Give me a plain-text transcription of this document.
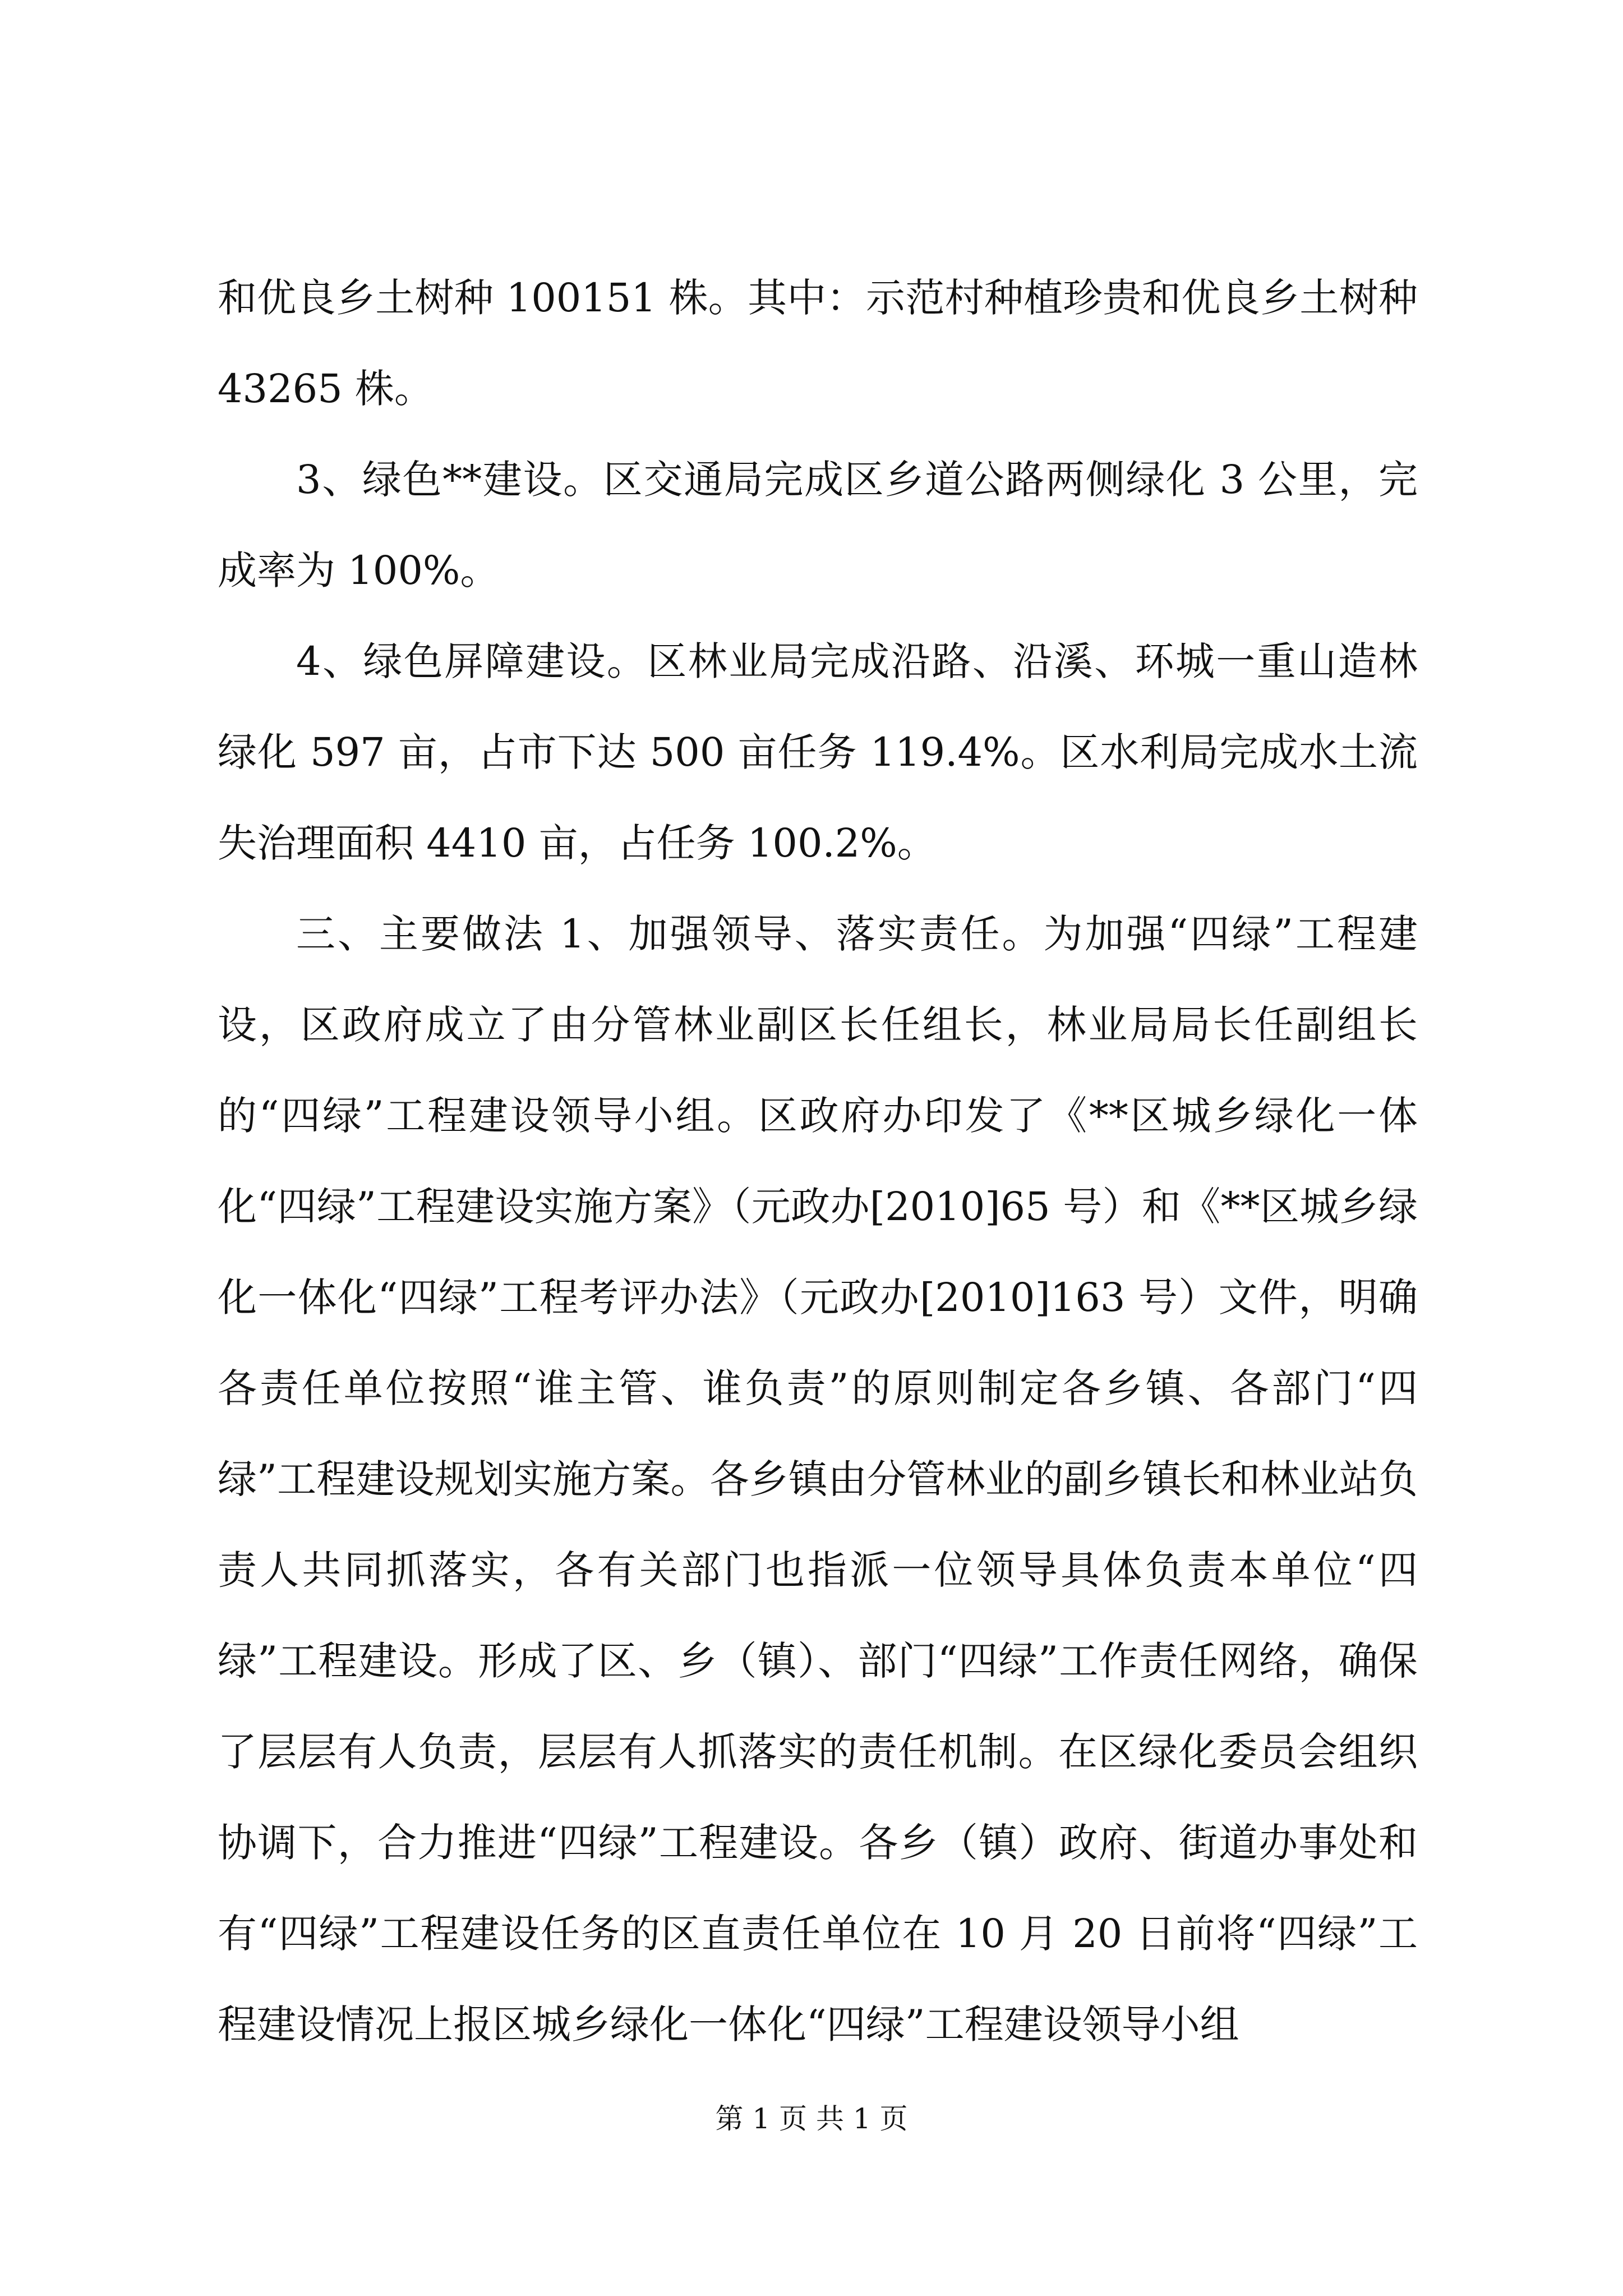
和优良乡土树种 100151 株。其中：示范村种植珍贵和优良乡土树种 43265 株。

3、绿色**建设。区交通局完成区乡道公路两侧绿化 3 公里，完成率为 100%。

4、绿色屏障建设。区林业局完成沿路、沿溪、环城一重山造林绿化 597 亩，占市下达 500 亩任务 119.4%。区水利局完成水土流失治理面积 4410 亩，占任务 100.2%。

三、主要做法 1、加强领导、落实责任。为加强“四绿”工程建设，区政府成立了由分管林业副区长任组长，林业局局长任副组长的“四绿”工程建设领导小组。区政府办印发了《**区城乡绿化一体化“四绿”工程建设实施方案》（元政办[2010]65 号）和《**区城乡绿化一体化“四绿”工程考评办法》（元政办[2010]163 号）文件，明确各责任单位按照“谁主管、谁负责”的原则制定各乡镇、各部门“四绿”工程建设规划实施方案。各乡镇由分管林业的副乡镇长和林业站负责人共同抓落实，各有关部门也指派一位领导具体负责本单位“四绿”工程建设。形成了区、乡（镇）、部门“四绿”工作责任网络，确保了层层有人负责，层层有人抓落实的责任机制。在区绿化委员会组织协调下，合力推进“四绿”工程建设。各乡（镇）政府、街道办事处和有“四绿”工程建设任务的区直责任单位在 10 月 20 日前将“四绿”工程建设情况上报区城乡绿化一体化“四绿”工程建设领导小组

第 1 页 共 1 页
